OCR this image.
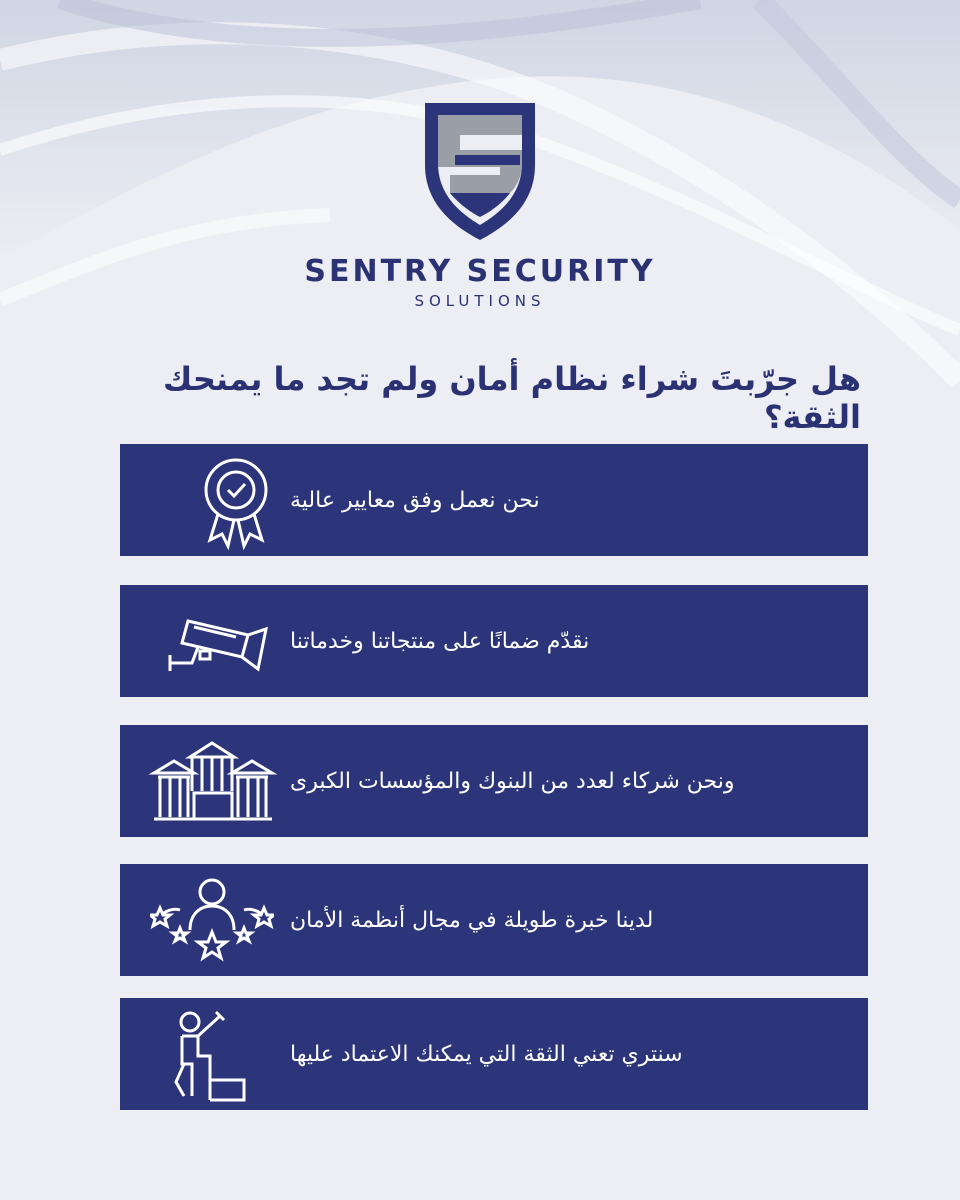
SENTRY SECURITY
SOLUTIONS
هل جرّبتَ شراء نظام أمان ولم تجد ما يمنحك الثقة؟
نحن نعمل وفق معايير عالية
نقدّم ضمانًا على منتجاتنا وخدماتنا
ونحن شركاء لعدد من البنوك والمؤسسات الكبرى
لدينا خبرة طويلة في مجال أنظمة الأمان
سنتري تعني الثقة التي يمكنك الاعتماد عليها
